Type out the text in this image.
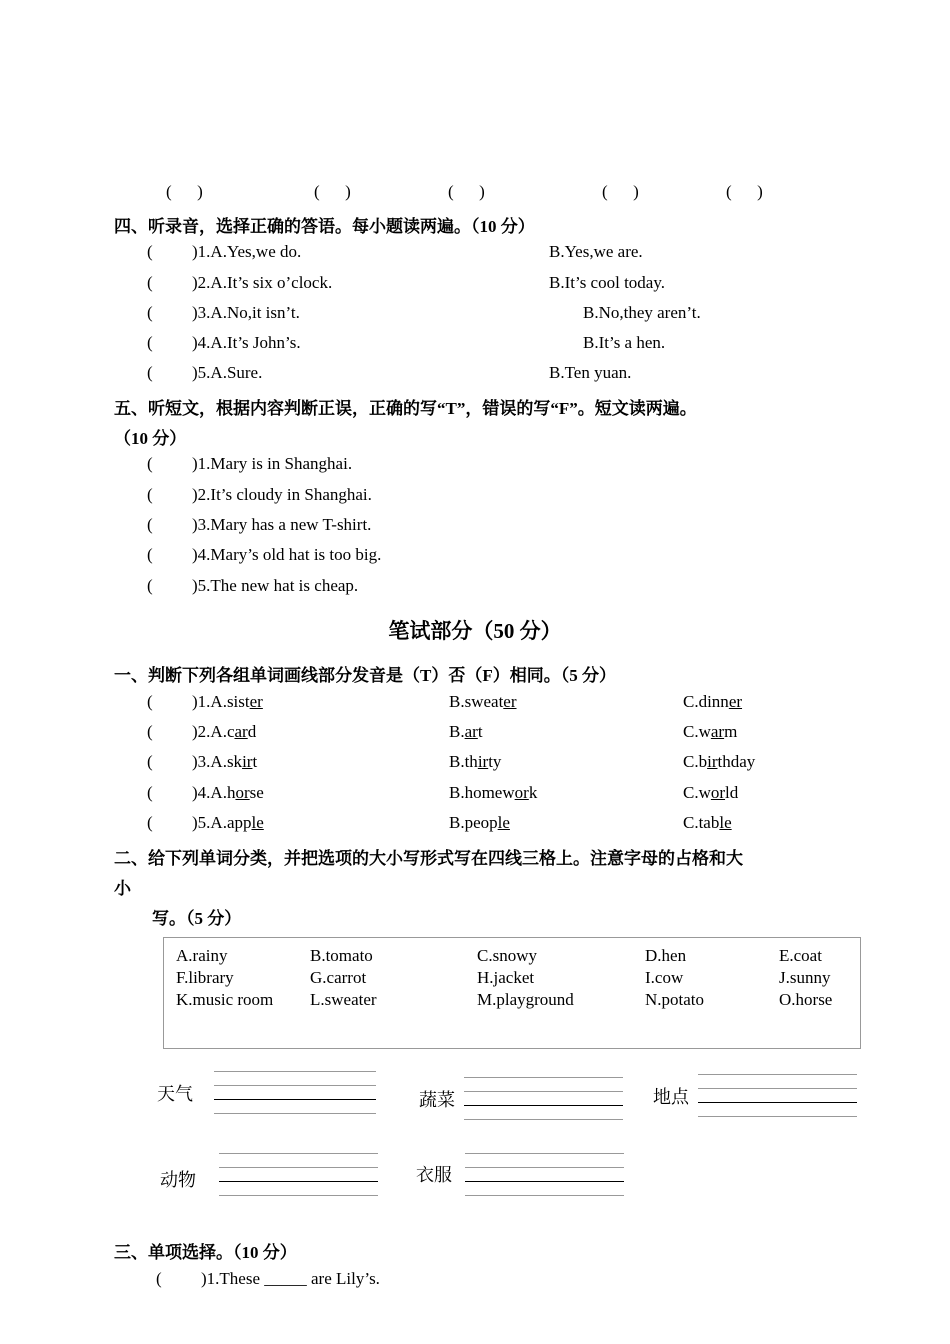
(      )	(      )	(      )	(      )	(      )
四、听录音，选择正确的答语。每小题读两遍。（10 分）
( )1.A.Yes,we do.	B.Yes,we are.
( )2.A.It’s six o’clock.	B.It’s cool today.
( )3.A.No,it isn’t.	B.No,they aren’t.
( )4.A.It’s John’s.	B.It’s a hen.
( )5.A.Sure.	B.Ten yuan.
五、听短文，根据内容判断正误，正确的写“T”，错误的写“F”。短文读两遍。
（10 分）
( )1.Mary is in Shanghai.
( )2.It’s cloudy in Shanghai.
( )3.Mary has a new T-shirt.
( )4.Mary’s old hat is too big.
( )5.The new hat is cheap.
笔试部分（50 分）
一、判断下列各组单词画线部分发音是（T）否（F）相同。（5 分）
( )1.A.sister	B.sweater	C.dinner
( )2.A.card	B.art	C.warm
( )3.A.skirt	B.thirty	C.birthday
( )4.A.horse	B.homework	C.world
( )5.A.apple	B.people	C.table
二、给下列单词分类，并把选项的大小写形式写在四线三格上。注意字母的占格和大
小
写。（5 分）
A.rainy	B.tomato	C.snowy	D.hen	E.coat
F.library	G.carrot	H.jacket	I.cow	J.sunny
K.music room L.sweater	M.playground	N.potato	O.horse
天气	蔬菜	地点
动物	衣服
三、单项选择。（10 分）
( )1.These _____ are Lily’s.
